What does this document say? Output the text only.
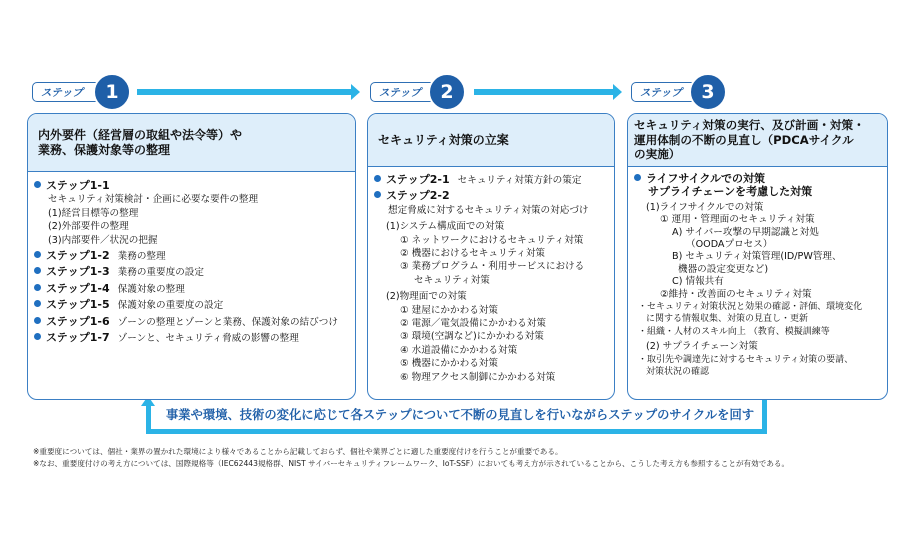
ステップ	1	ステップ	2	ステップ	3
事業や環境、技術の変化に応じて各ステップについて不断の見直しを行いながらステップのサイクルを回す
内外要件（経営層の取組や法令等）や
業務、保護対象等の整理
ステップ1-1
セキュリティ対策検討・企画に必要な要件の整理
(1)経営目標等の整理
(2)外部要件の整理
(3)内部要件／状況の把握
ステップ1-2 業務の整理
ステップ1-3 業務の重要度の設定
ステップ1-4 保護対象の整理
ステップ1-5 保護対象の重要度の設定
ステップ1-6 ゾーンの整理とゾーンと業務、保護対象の結びつけ
ステップ1-7 ゾーンと、セキュリティ脅威の影響の整理
セキュリティ対策の立案
ステップ2-1 セキュリティ対策方針の策定
ステップ2-2
想定脅威に対するセキュリティ対策の対応づけ
(1)システム構成面での対策
① ネットワークにおけるセキュリティ対策
② 機器におけるセキュリティ対策
③ 業務プログラム・利用サービスにおける
セキュリティ対策
(2)物理面での対策
① 建屋にかかわる対策
② 電源／電気設備にかかわる対策
③ 環境(空調など)にかかわる対策
④ 水道設備にかかわる対策
⑤ 機器にかかわる対策
⑥ 物理アクセス制御にかかわる対策
セキュリティ対策の実行、及び計画・対策・
運用体制の不断の見直し（PDCAサイクル
の実施）
ライフサイクルでの対策
サプライチェーンを考慮した対策
(1)ライフサイクルでの対策
① 運用・管理面のセキュリティ対策
A) サイバー攻撃の早期認識と対処
（OODAプロセス）
B) セキュリティ対策管理(ID/PW管理、
機器の設定変更など)
C) 情報共有
②維持・改善面のセキュリティ対策
・セキュリティ対策状況と効果の確認・評価、環境変化
に関する情報収集、対策の見直し・更新
・組織・人材のスキル向上 （教育、模擬訓練等
(2) サプライチェーン対策
・取引先や調達先に対するセキュリティ対策の要請、
対策状況の確認
※重要度については、個社・業界の置かれた環境により様々であることから記載しておらず、個社や業界ごとに適した重要度付けを行うことが重要である。
※なお、重要度付けの考え方については、国際規格等（IEC62443規格群、NIST サイバーセキュリティフレームワーク、IoT-SSF）においても考え方が示されていることから、こうした考え方も参照することが有効である。
